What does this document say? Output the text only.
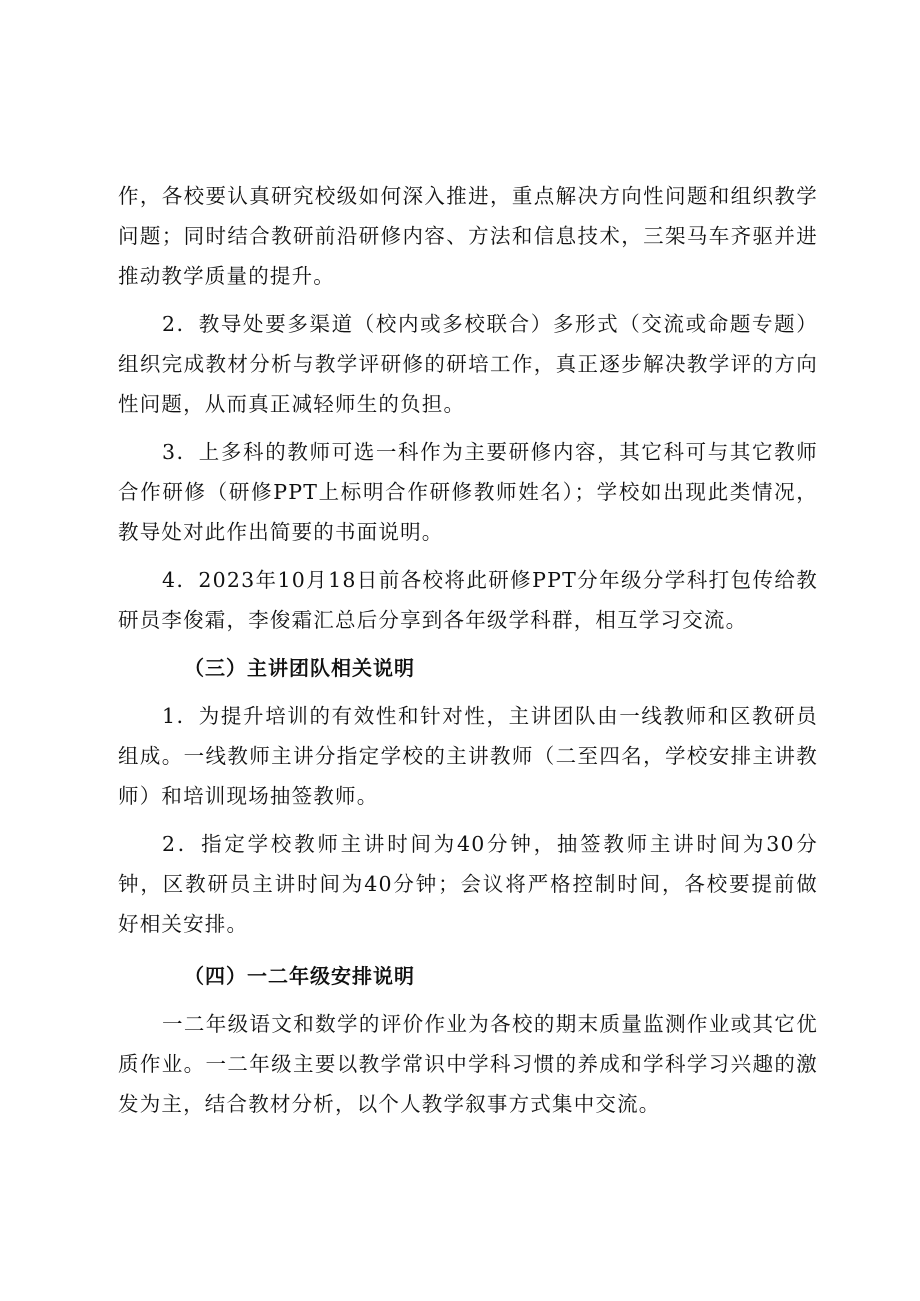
作，各校要认真研究校级如何深入推进，重点解决方向性问题和组织教学问题；同时结合教研前沿研修内容、方法和信息技术，三架马车齐驱并进推动教学质量的提升。

2．教导处要多渠道（校内或多校联合）多形式（交流或命题专题）组织完成教材分析与教学评研修的研培工作，真正逐步解决教学评的方向性问题，从而真正减轻师生的负担。

3．上多科的教师可选一科作为主要研修内容，其它科可与其它教师合作研修（研修PPT上标明合作研修教师姓名）；学校如出现此类情况，教导处对此作出简要的书面说明。

4．2023年10月18日前各校将此研修PPT分年级分学科打包传给教研员李俊霜，李俊霜汇总后分享到各年级学科群，相互学习交流。

（三）主讲团队相关说明

1．为提升培训的有效性和针对性，主讲团队由一线教师和区教研员组成。一线教师主讲分指定学校的主讲教师（二至四名，学校安排主讲教师）和培训现场抽签教师。

2．指定学校教师主讲时间为40分钟，抽签教师主讲时间为30分钟，区教研员主讲时间为40分钟；会议将严格控制时间，各校要提前做好相关安排。

（四）一二年级安排说明

一二年级语文和数学的评价作业为各校的期末质量监测作业或其它优质作业。一二年级主要以教学常识中学科习惯的养成和学科学习兴趣的激发为主，结合教材分析，以个人教学叙事方式集中交流。
